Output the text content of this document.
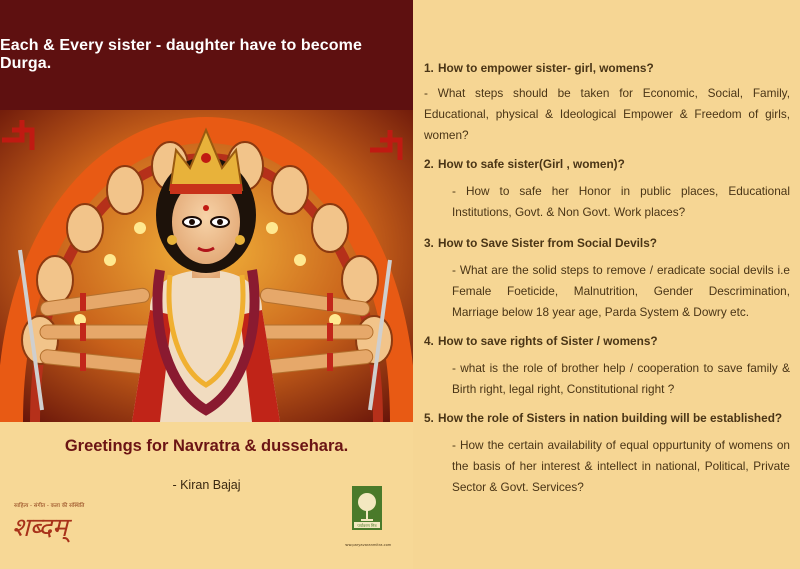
Each & Every sister - daughter have to become Durga.
Greetings for Navratra & dussehara.
- Kiran Bajaj
साहित्य - संगीत - कला की संस्थिति
शब्दम्	पर्यावरण मित्र
www.paryavaranmitra.com

1. How to empower sister- girl, womens?

- What steps should be taken for Economic, Social, Family, Educational, physical & Ideological Empower & Freedom of girls, women?

2. How to safe sister(Girl , women)?

- How to safe her Honor in public places, Educational Institutions, Govt. & Non Govt. Work places?

3. How to Save Sister from Social Devils?

- What are the solid steps to remove / eradicate social devils i.e Female Foeticide, Malnutrition, Gender Descrimination, Marriage below 18 year age, Parda System & Dowry etc.

4. How to save rights of Sister / womens?

- what is the role of brother help / cooperation to save family & Birth right, legal right, Constitutional right ?

5. How the role of Sisters in nation building will be established?

- How the certain availability of equal oppurtunity of womens on the basis of her interest & intellect in national, Political, Private Sector & Govt. Services?
